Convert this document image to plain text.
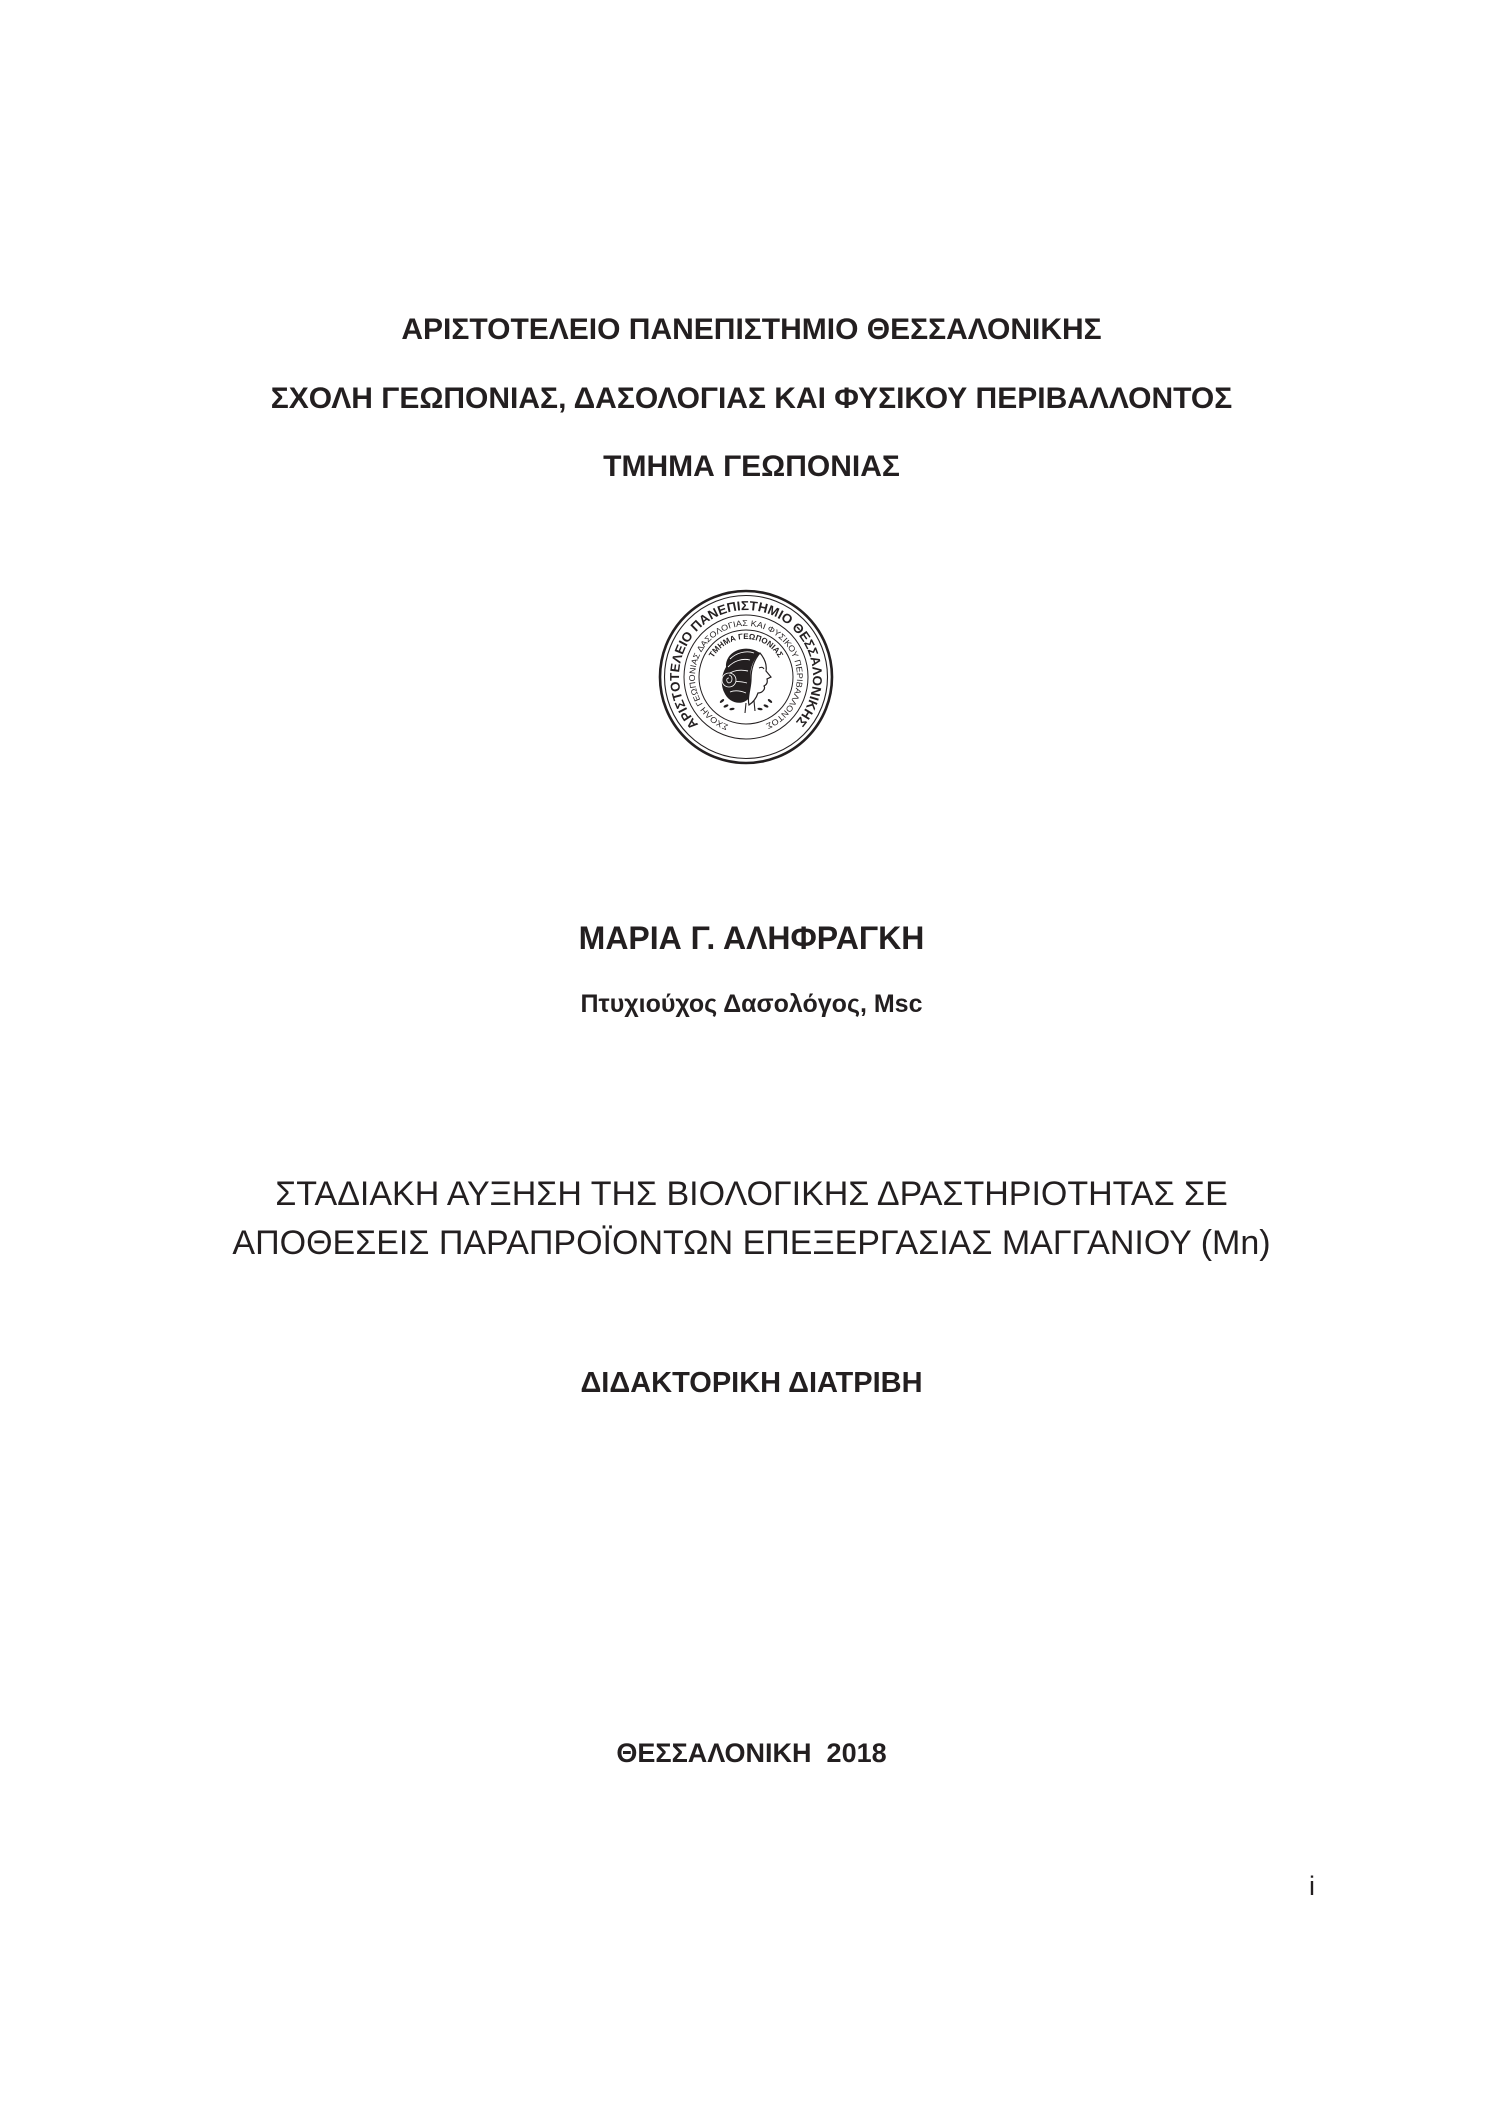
ΑΡΙΣΤΟΤΕΛΕΙΟ ΠΑΝΕΠΙΣΤΗΜΙΟ ΘΕΣΣΑΛΟΝΙΚΗΣ

ΣΧΟΛΗ ΓΕΩΠΟΝΙΑΣ, ΔΑΣΟΛΟΓΙΑΣ ΚΑΙ ΦΥΣΙΚΟΥ ΠΕΡΙΒΑΛΛΟΝΤΟΣ

ΤΜΗΜΑ ΓΕΩΠΟΝΙΑΣ

ΑΡΙΣΤΟΤΕΛΕΙΟ ΠΑΝΕΠΙΣΤΗΜΙΟ ΘΕΣΣΑΛΟΝΙΚΗΣ
ΣΧΟΛΗ ΓΕΩΠΟΝΙΑΣ ΔΑΣΟΛΟΓΙΑΣ ΚΑΙ ΦΥΣΙΚΟΥ ΠΕΡΙΒΑΛΛΟΝΤΟΣ
ΤΜΗΜΑ ΓΕΩΠΟΝΙΑΣ

ΜΑΡΙΑ Γ. ΑΛΗΦΡΑΓΚΗ

Πτυχιούχος Δασολόγος, Msc

ΣΤΑΔΙΑΚΗ ΑΥΞΗΣΗ ΤΗΣ ΒΙΟΛΟΓΙΚΗΣ ΔΡΑΣΤΗΡΙΟΤΗΤΑΣ ΣΕ
ΑΠΟΘΕΣΕΙΣ ΠΑΡΑΠΡΟΪΟΝΤΩΝ ΕΠΕΞΕΡΓΑΣΙΑΣ ΜΑΓΓΑΝΙΟΥ (Mn)

ΔΙΔΑΚΤΟΡΙΚΗ ΔΙΑΤΡΙΒΗ

ΘΕΣΣΑΛΟΝΙΚΗ  2018

i
